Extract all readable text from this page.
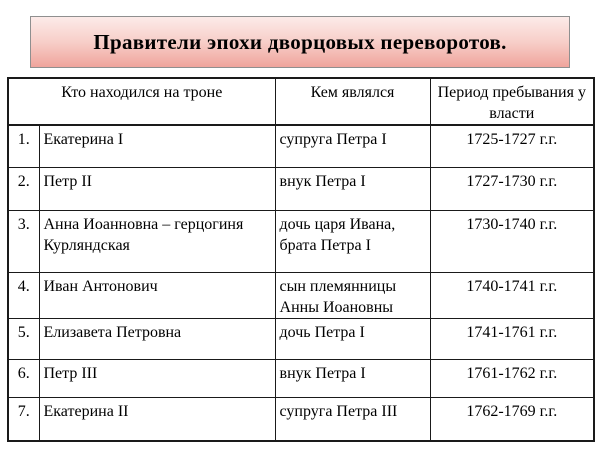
Правители эпохи дворцовых переворотов.
Кто находился на троне		Кем являлся	Период пребывания у власти
1.	Екатерина I	супруга Петра I	1725-1727 г.г.
2.	Петр II	внук Петра I	1727-1730 г.г.
3.	Анна Иоанновна – герцогиня Курляндская	дочь царя Ивана, брата Петра I	1730-1740 г.г.
4.	Иван Антонович	сын племянницы Анны Иоановны	1740-1741 г.г.
5.	Елизавета Петровна	дочь Петра I	1741-1761 г.г.
6.	Петр III	внук Петра I	1761-1762 г.г.
7.	Екатерина II	супруга Петра III	1762-1769 г.г.
